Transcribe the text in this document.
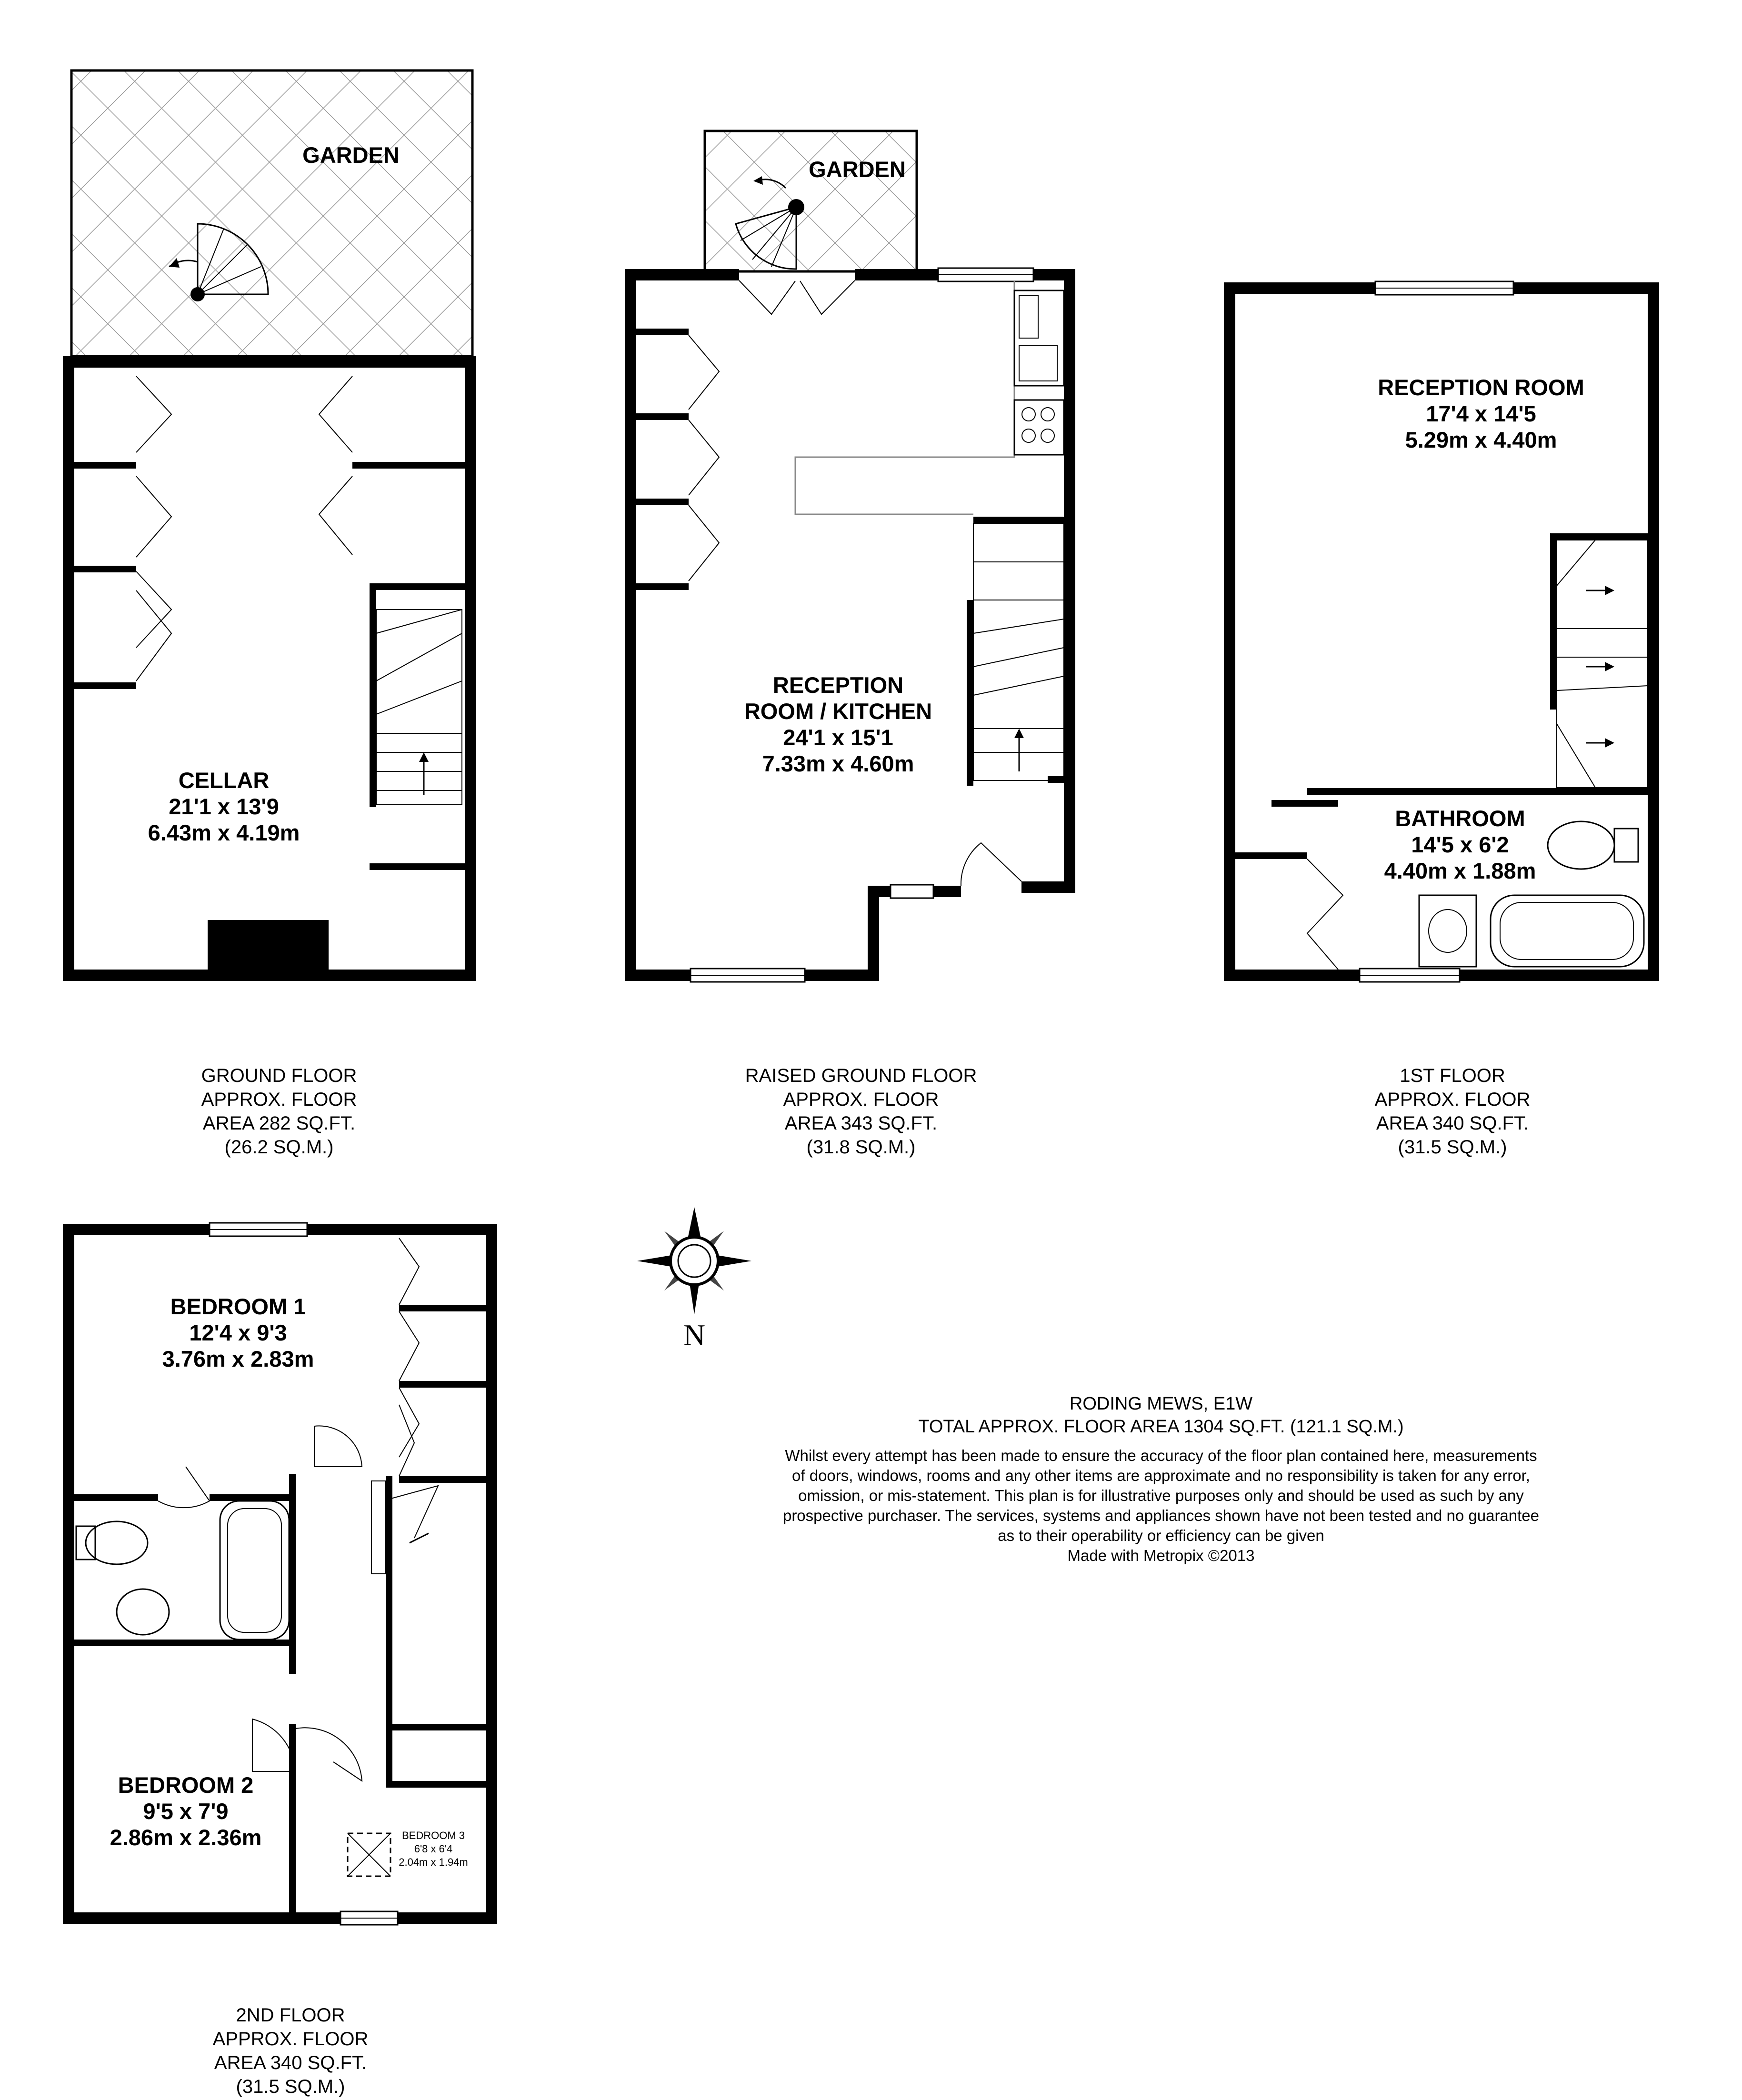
CELLAR
21'1 x 13'9
6.43m x 4.19m
GARDEN
RECEPTION
ROOM / KITCHEN
24'1 x 15'1
7.33m x 4.60m
GARDEN
RECEPTION ROOM
17'4 x 14'5
5.29m x 4.40m
BATHROOM
14'5 x 6'2
4.40m x 1.88m
GROUND FLOOR
APPROX. FLOOR
AREA 282 SQ.FT.
(26.2 SQ.M.)
RAISED GROUND FLOOR
APPROX. FLOOR
AREA 343 SQ.FT.
(31.8 SQ.M.)
1ST FLOOR
APPROX. FLOOR
AREA 340 SQ.FT.
(31.5 SQ.M.)
2ND FLOOR
APPROX. FLOOR
AREA 340 SQ.FT.
(31.5 SQ.M.)
N
RODING MEWS, E1W
TOTAL APPROX. FLOOR AREA 1304 SQ.FT. (121.1 SQ.M.)
Whilst every attempt has been made to ensure the accuracy of the floor plan contained here, measurements
of doors, windows, rooms and any other items are approximate and no responsibility is taken for any error,
omission, or mis-statement. This plan is for illustrative purposes only and should be used as such by any
prospective purchaser. The services, systems and appliances shown have not been tested and no guarantee
as to their operability or efficiency can be given
Made with Metropix ©2013
BEDROOM 1
12'4 x 9'3
3.76m x 2.83m
BEDROOM 2
9'5 x 7'9
2.86m x 2.36m	BEDROOM 3
6'8 x 6'4
2.04m x 1.94m
